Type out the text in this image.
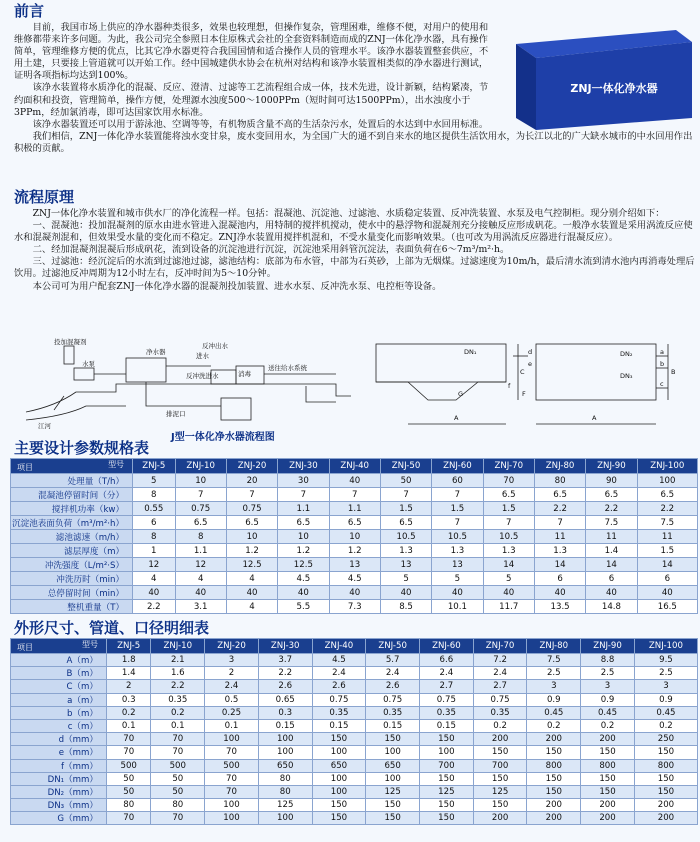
前言

目前，我国市场上供应的净水器种类很多，效果也较理想，但操作复杂，管理困难，维修不便，对用户的使用和维修都带来许多问题。为此，我公司完全参照日本住原株式会社的全套资料制造而成的ZNJ一体化净水器，具有操作简单，管理维修方便的优点，比其它净水器更符合我国国情和适合操作人员的管理水平。该净水器装置整套供应，不用土建，只要接上管道就可以开始工作。经中国城建供水协会在杭州对结构和该净水装置相类似的净水器进行测试，证明各项指标均达到100%。

该净水装置将水质净化的混凝、反应、澄清、过滤等工艺流程组合成一体，技术先进，设计新颖，结构紧凑，节约面积和投资，管理简单，操作方便，处理源水浊度500～1000PPm（短时间可达1500PPm），出水浊度小于3PPm，经加氯消毒，即可达国家饮用水标准。

该净水器装置还可以用于游泳池、空调等等，有机物质含量不高的生活杂污水，处置后的水达到中水回用标准。

我们相信，ZNJ一体化净水装置能将浊水变甘泉，废水变回用水，为全国广大的通不到自来水的地区提供生活饮用水，为长江以北的广大缺水城市的中水回用作出积极的贡献。

ZNJ一体化净水器
流程原理

ZNJ一体化净水装置和城市供水厂的净化流程一样。包括：混凝池、沉淀池、过滤池、水质稳定装置、反冲洗装置、水泵及电气控制柜。现分别介绍如下：

一、混凝池：投加混凝剂的原水由进水管进入混凝池内，用特制的搅拌机搅动，使水中的悬浮物和混凝剂充分接触反应形成矾花。一般净水装置是采用涡流反应使水和混凝剂混和，但效果受水量的变化而不稳定。ZNJ净水装置用搅拌机混和，不受水量变化而影响效果。（也可改为用涡流反应器进行混凝反应）。

二、经加混凝剂混凝后形成矾花，流到设备的沉淀池进行沉淀，沉淀池采用斜管沉淀法，表面负荷在6～7m³/m²·h。

三、过滤池：经沉淀后的水流到过滤池过滤，滤池结构：底部为布水管，中部为石英砂，上部为无烟煤。过滤速度为10m/h，最后清水流到清水池内再消毒处理后饮用。过滤池反冲周期为12小时左右，反冲时间为5～10分钟。

本公司可为用户配套ZNJ一体化净水器的混凝剂投加装置、进水水泵、反冲洗水泵、电控柜等设备。

投加混凝剂
水泵
净水器
反冲出水
进水
反冲洗进水	消毒
送往给水系统
江河
排泥口
J型一体化净水器流程图
DN₁	DN₂
DN₃
A	A
B
C
F
G
a
b
c
d
e
f
主要设计参数规格表
型号
项目	ZNJ-5	ZNJ-10	ZNJ-20	ZNJ-30	ZNJ-40	ZNJ-50	ZNJ-60	ZNJ-70	ZNJ-80	ZNJ-90	ZNJ-100
处理量（T/h）	5	10	20	30	40	50	60	70	80	90	100
混凝池停留时间（分）	8	7	7	7	7	7	7	6.5	6.5	6.5	6.5
搅拌机功率（kw）	0.55	0.75	0.75	1.1	1.1	1.5	1.5	1.5	2.2	2.2	2.2
沉淀池表面负荷（m³/m²·h）	6	6.5	6.5	6.5	6.5	6.5	7	7	7	7.5	7.5
滤池滤速（m/h）	8	8	10	10	10	10.5	10.5	10.5	11	11	11
滤层厚度（m）	1	1.1	1.2	1.2	1.2	1.3	1.3	1.3	1.3	1.4	1.5
冲洗强度（L/m²·S）	12	12	12.5	12.5	13	13	13	14	14	14	14
冲洗历时（min）	4	4	4	4.5	4.5	5	5	5	6	6	6
总停留时间（min）	40	40	40	40	40	40	40	40	40	40	40
整机重量（T）	2.2	3.1	4	5.5	7.3	8.5	10.1	11.7	13.5	14.8	16.5
外形尺寸、管道、口径明细表
型号
项目	ZNJ-5	ZNJ-10	ZNJ-20	ZNJ-30	ZNJ-40	ZNJ-50	ZNJ-60	ZNJ-70	ZNJ-80	ZNJ-90	ZNJ-100
A（m）	1.8	2.1	3	3.7	4.5	5.7	6.6	7.2	7.5	8.8	9.5
B（m）	1.4	1.6	2	2.2	2.4	2.4	2.4	2.4	2.5	2.5	2.5
C（m）	2	2.2	2.4	2.6	2.6	2.6	2.7	2.7	3	3	3
a（m）	0.3	0.35	0.5	0.65	0.75	0.75	0.75	0.75	0.9	0.9	0.9
b（m）	0.2	0.2	0.25	0.3	0.35	0.35	0.35	0.35	0.45	0.45	0.45
c（m）	0.1	0.1	0.1	0.15	0.15	0.15	0.15	0.2	0.2	0.2	0.2
d（mm）	70	70	100	100	150	150	150	200	200	200	250
e（mm）	70	70	70	100	100	100	100	150	150	150	150
f（mm）	500	500	500	650	650	650	700	700	800	800	800
DN₁（mm）	50	50	70	80	100	100	150	150	150	150	150
DN₂（mm）	50	50	70	80	100	125	125	125	150	150	150
DN₃（mm）	80	80	100	125	150	150	150	150	200	200	200
G（mm）	70	70	100	100	150	150	150	200	200	200	200
